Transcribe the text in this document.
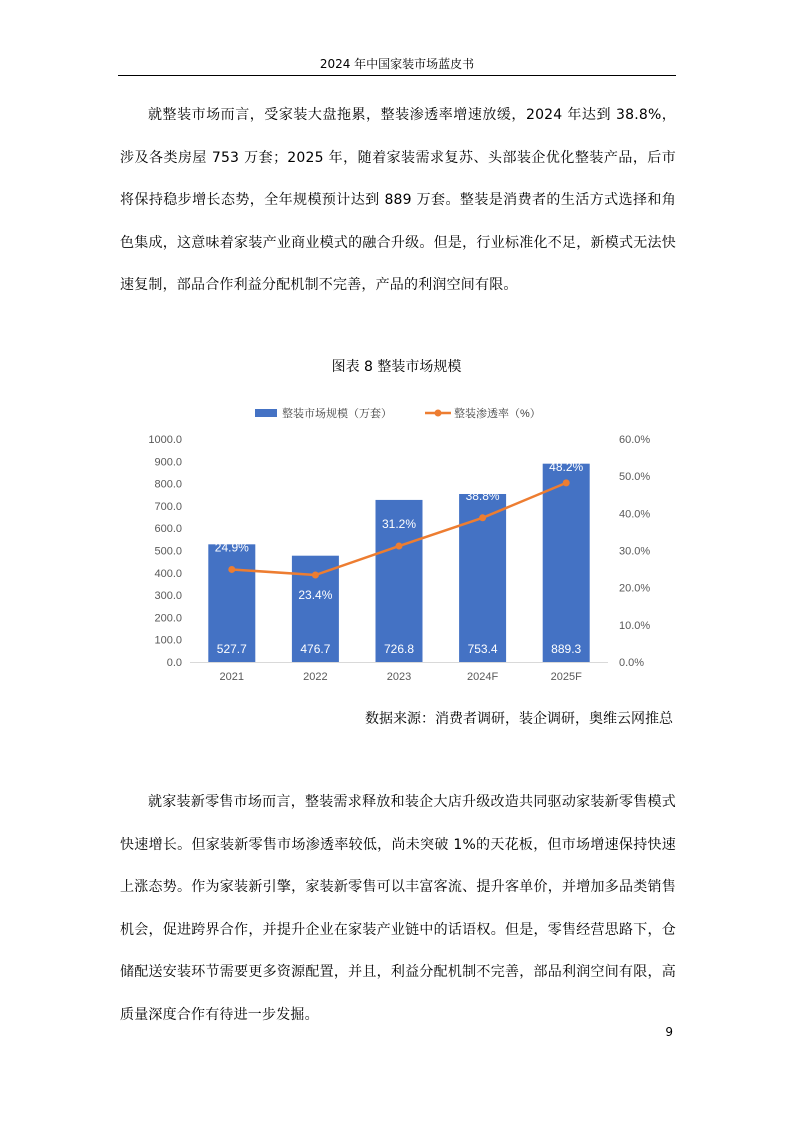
2024 年中国家装市场蓝皮书

就整装市场而言，受家装大盘拖累，整装渗透率增速放缓，2024 年达到 38.8%，涉及各类房屋 753 万套；2025 年，随着家装需求复苏、头部装企优化整装产品，后市将保持稳步增长态势，全年规模预计达到 889 万套。整装是消费者的生活方式选择和角色集成，这意味着家装产业商业模式的融合升级。但是，行业标准化不足，新模式无法快速复制，部品合作利益分配机制不完善，产品的利润空间有限。

图表 8 整装市场规模
整装市场规模（万套）	整装渗透率（%）
0.0
100.0
200.0
300.0
400.0
500.0
600.0
700.0
800.0
900.0
1000.0
0.0%
10.0%
20.0%
30.0%
40.0%
50.0%
60.0%
527.7	476.7	726.8	753.4	889.3
24.9%
23.4%
31.2%
38.8%
48.2%
2021	2022	2023	2024F	2025F
数据来源：消费者调研，装企调研，奥维云网推总

就家装新零售市场而言，整装需求释放和装企大店升级改造共同驱动家装新零售模式快速增长。但家装新零售市场渗透率较低，尚未突破 1%的天花板，但市场增速保持快速上涨态势。作为家装新引擎，家装新零售可以丰富客流、提升客单价，并增加多品类销售机会，促进跨界合作，并提升企业在家装产业链中的话语权。但是，零售经营思路下，仓储配送安装环节需要更多资源配置，并且，利益分配机制不完善，部品利润空间有限，高质量深度合作有待进一步发掘。

9
